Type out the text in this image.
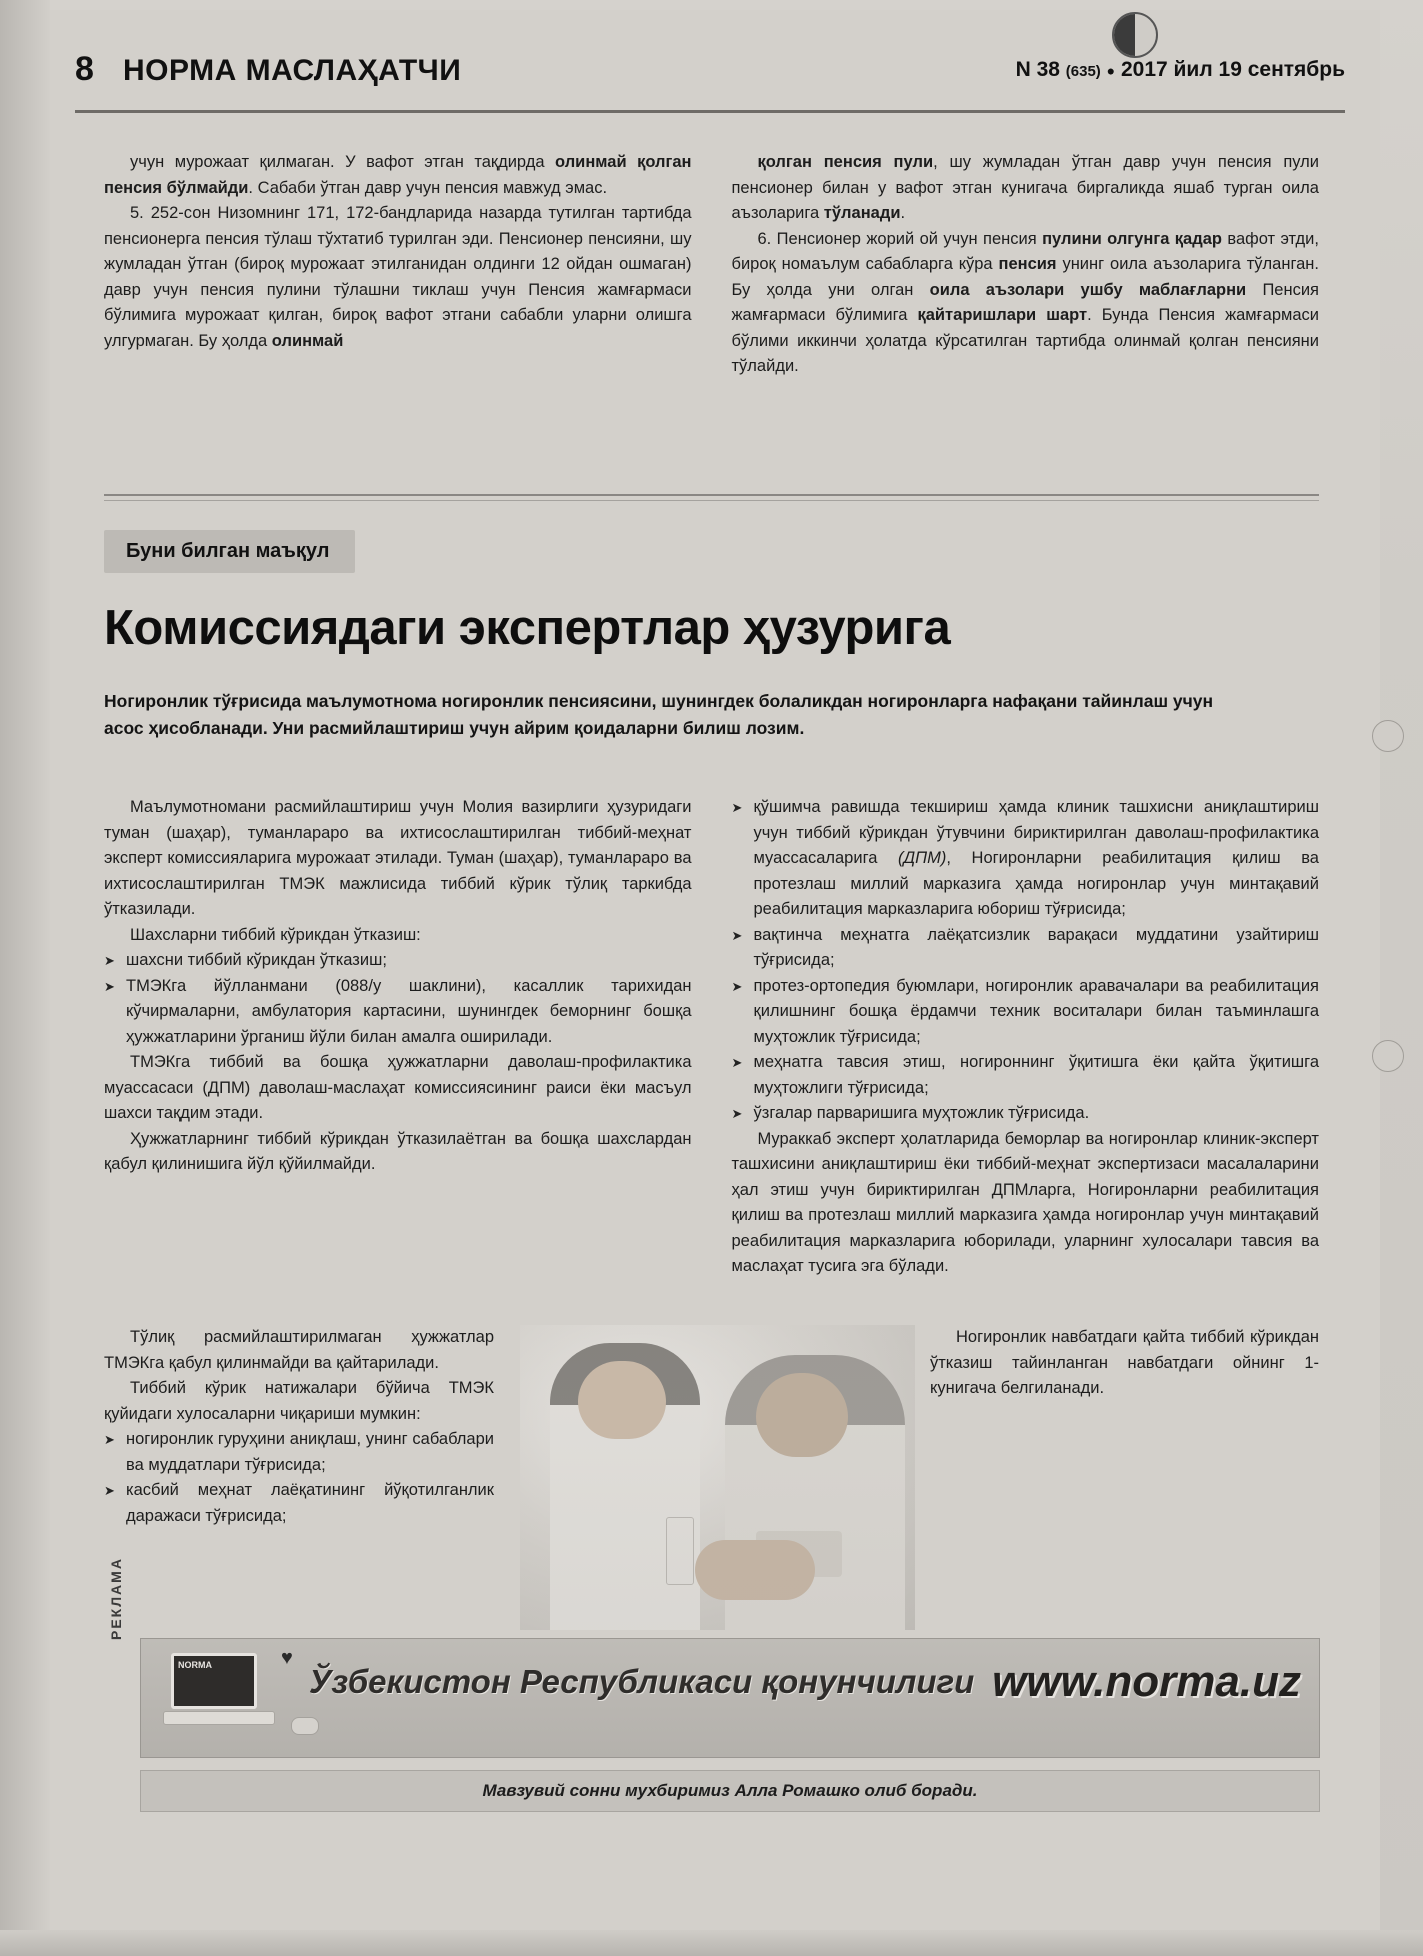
8 НОРМА МАСЛАҲАТЧИ	N 38 (635) ● 2017 йил 19 сентябрь

учун мурожаат қилмаган. У вафот этган тақдирда олинмай қолган пенсия бўлмайди. Сабаби ўтган давр учун пенсия мавжуд эмас.

5. 252-сон Низомнинг 171, 172-бандларида назарда тутилган тартибда пенсионерга пенсия тўлаш тўхтатиб турилган эди. Пенсионер пенсияни, шу жумладан ўтган (бироқ мурожаат этилганидан олдинги 12 ойдан ошмаган) давр учун пенсия пулини тўлашни тиклаш учун Пенсия жамғармаси бўлимига мурожаат қилган, бироқ вафот этгани сабабли уларни олишга улгурмаган. Бу ҳолда олинмай

қолган пенсия пули, шу жумладан ўтган давр учун пенсия пули пенсионер билан у вафот этган кунигача биргаликда яшаб турган оила аъзоларига тўланади.

6. Пенсионер жорий ой учун пенсия пулини олгунга қадар вафот этди, бироқ номаълум сабабларга кўра пенсия унинг оила аъзоларига тўланган. Бу ҳолда уни олган оила аъзолари ушбу маблағларни Пенсия жамғармаси бўлимига қайтаришлари шарт. Бунда Пенсия жамғармаси бўлими иккинчи ҳолатда кўрсатилган тартибда олинмай қолган пенсияни тўлайди.

Буни билган маъқул
Комиссиядаги экспертлар ҳузурига
Ногиронлик тўғрисида маълумотнома ногиронлик пенсиясини, шунингдек болаликдан ногиронларга нафақани тайинлаш учун асос ҳисобланади. Уни расмийлаштириш учун айрим қоидаларни билиш лозим.

Маълумотномани расмийлаштириш учун Молия вазирлиги ҳузуридаги туман (шаҳар), туманлараро ва ихтисослаштирилган тиббий-меҳнат эксперт комиссияларига мурожаат этилади. Туман (шаҳар), туманлараро ва ихтисослаштирилган ТМЭК мажлисида тиббий кўрик тўлиқ таркибда ўтказилади.

Шахсларни тиббий кўрикдан ўтказиш:

➤ шахсни тиббий кўрикдан ўтказиш;

➤ ТМЭКга йўлланмани (088/у шаклини), касаллик тарихидан кўчирмаларни, амбулатория картасини, шунингдек беморнинг бошқа ҳужжатларини ўрганиш йўли билан амалга оширилади.

ТМЭКга тиббий ва бошқа ҳужжатларни даволаш-профилактика муассасаси (ДПМ) даволаш-маслаҳат комиссиясининг раиси ёки масъул шахси тақдим этади.

Ҳужжатларнинг тиббий кўрикдан ўтказилаётган ва бошқа шахслардан қабул қилинишига йўл қўйилмайди.

➤ қўшимча равишда текшириш ҳамда клиник ташхисни аниқлаштириш учун тиббий кўрикдан ўтувчини бириктирилган даволаш-профилактика муассасаларига (ДПМ), Ногиронларни реабилитация қилиш ва протезлаш миллий марказига ҳамда ногиронлар учун минтақавий реабилитация марказларига юбориш тўғрисида;

➤ вақтинча меҳнатга лаёқатсизлик варақаси муддатини узайтириш тўғрисида;

➤ протез-ортопедия буюмлари, ногиронлик аравачалари ва реабилитация қилишнинг бошқа ёрдамчи техник воситалари билан таъминлашга муҳтожлик тўғрисида;

➤ меҳнатга тавсия этиш, ногироннинг ўқитишга ёки қайта ўқитишга муҳтожлиги тўғрисида;

➤ ўзгалар парваришига муҳтожлик тўғрисида.

Мураккаб эксперт ҳолатларида беморлар ва ногиронлар клиник-эксперт ташхисини аниқлаштириш ёки тиббий-меҳнат экспертизаси масалаларини ҳал этиш учун бириктирилган ДПМларга, Ногиронларни реабилитация қилиш ва протезлаш миллий марказига ҳамда ногиронлар учун минтақавий реабилитация марказларига юборилади, уларнинг хулосалари тавсия ва маслаҳат тусига эга бўлади.

Тўлиқ расмийлаштирилмаган ҳужжатлар ТМЭКга қабул қилинмайди ва қайтарилади.

Тиббий кўрик натижалари бўйича ТМЭК қуйидаги хулосаларни чиқариши мумкин:

➤ ногиронлик гуруҳини аниқлаш, унинг сабаблари ва муддатлари тўғрисида;

➤ касбий меҳнат лаёқатининг йўқотилганлик даражаси тўғрисида;

Ногиронлик навбатдаги қайта тиббий кўрикдан ўтказиш тайинланган навбатдаги ойнинг 1-кунигача белгиланади.

РЕКЛАМА
NORMA	♥
Ўзбекистон Республикаси қонунчилиги www.norma.uz
Мавзувий сонни мухбиримиз Алла Ромашко олиб боради.
